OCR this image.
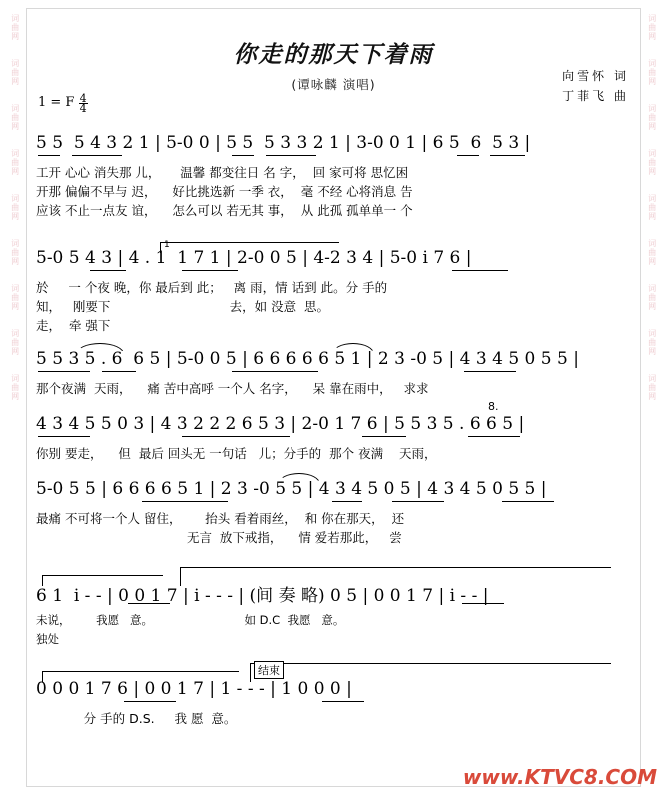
词曲网
词曲网
词曲网
词曲网
词曲网
词曲网
词曲网
词曲网
词曲网
词曲网
词曲网
词曲网
词曲网
词曲网
词曲网
词曲网
词曲网
词曲网
你走的那天下着雨
(谭咏麟 演唱)
向雪怀 词
丁菲飞 曲
1 = F $\frac{4}{4}$
5 5  5 4 3 2 1 | 5-0 0 | 5 5  5 3 3 2 1 | 3-0 0 1 | 6 5  6  5 3 |
工开 心心 消失那 儿，     温馨 都变往日 名 字，  回 家可将 思忆困
开那 偏偏不早与 迟，    好比挑选新 一季 衣，  毫 不经 心将消息 告
应该 不止一点友 谊，    怎么可以 若无其 事，  从 此孤 孤单单一 个
1
5-0 5 4 3 | 4 . 1  1 7 1 | 2-0 0 5 | 4-2 3 4 | 5-0 i 7 6 |
於     一 个夜 晚，你 最后到 此；   离 雨，情 话到 此。分 手的
知，   刚要下                              去，如 没意  思。
走，  牵 强下
5 5 3 5 . 6  6 5 | 5-0 0 5 | 6 6 6 6 6 5 1 | 2 3 -0 5 | 4 3 4 5 0 5 5 |
那个夜满  天雨，    痛 苦中高呼 一个人 名字，    呆 靠在雨中，   求求
4 3 4 5 5 0 3 | 4 3 2 2 2 6 5 3 | 2-0 1 7 6 | 5 5 3 5 . 6 6 5 |
8.
你别 要走，    但  最后 回头无 一句话   儿；分手的  那个 夜满    天雨，
5-0 5 5 | 6 6 6 6 5 1 | 2 3 -0 5 5 | 4 3 4 5 0 5 | 4 3 4 5 0 5 5 |
最痛 不可将一个人 留住，      抬头 看着雨丝，  和 你在那天，  还
无言  放下戒指，    情 爱若那此，   尝
6 1  i - - | 0 0 1 7 | i - - - | (间 奏 略) 0 5 | 0 0 1 7 | i - - |
未说，       我愿   意。                         如 D.C  我愿   意。
独处
结束
0 0 0 1 7 6 | 0 0 1 7 | 1 - - - | 1 0 0 0 |
分 手的 D.S.     我 愿  意。
www.KTVC8.COM
